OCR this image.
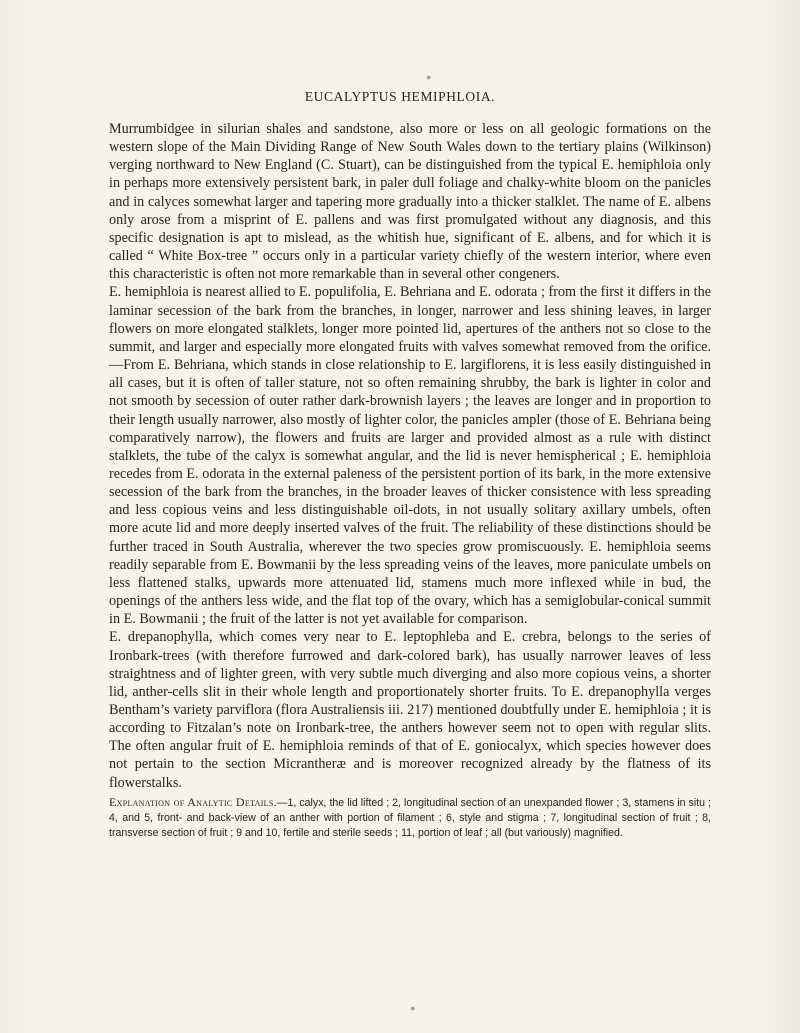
●
EUCALYPTUS HEMIPHLOIA.

Murrumbidgee in silurian shales and sandstone, also more or less on all geologic formations on the western slope of the Main Dividing Range of New South Wales down to the tertiary plains (Wilkinson) verging northward to New England (C. Stuart), can be distinguished from the typical E. hemiphloia only in perhaps more extensively persistent bark, in paler dull foliage and chalky-white bloom on the panicles and in calyces somewhat larger and tapering more gradually into a thicker stalklet. The name of E. albens only arose from a misprint of E. pallens and was first promulgated without any diagnosis, and this specific designation is apt to mislead, as the whitish hue, significant of E. albens, and for which it is called “ White Box-tree ” occurs only in a particular variety chiefly of the western interior, where even this characteristic is often not more remarkable than in several other congeners.

E. hemiphloia is nearest allied to E. populifolia, E. Behriana and E. odorata ; from the first it differs in the laminar secession of the bark from the branches, in longer, narrower and less shining leaves, in larger flowers on more elongated stalklets, longer more pointed lid, apertures of the anthers not so close to the summit, and larger and especially more elongated fruits with valves somewhat removed from the orifice.—From E. Behriana, which stands in close relationship to E. largiflorens, it is less easily distinguished in all cases, but it is often of taller stature, not so often remaining shrubby, the bark is lighter in color and not smooth by secession of outer rather dark-brownish layers ; the leaves are longer and in proportion to their length usually narrower, also mostly of lighter color, the panicles ampler (those of E. Behriana being comparatively narrow), the flowers and fruits are larger and provided almost as a rule with distinct stalklets, the tube of the calyx is somewhat angular, and the lid is never hemispherical ; E. hemiphloia recedes from E. odorata in the external paleness of the persistent portion of its bark, in the more extensive secession of the bark from the branches, in the broader leaves of thicker consistence with less spreading and less copious veins and less distinguishable oil-dots, in not usually solitary axillary umbels, often more acute lid and more deeply inserted valves of the fruit. The reliability of these distinctions should be further traced in South Australia, wherever the two species grow promiscuously. E. hemiphloia seems readily separable from E. Bowmanii by the less spreading veins of the leaves, more paniculate umbels on less flattened stalks, upwards more attenuated lid, stamens much more inflexed while in bud, the openings of the anthers less wide, and the flat top of the ovary, which has a semiglobular-conical summit in E. Bowmanii ; the fruit of the latter is not yet available for comparison.

E. drepanophylla, which comes very near to E. leptophleba and E. crebra, belongs to the series of Ironbark-trees (with therefore furrowed and dark-colored bark), has usually narrower leaves of less straightness and of lighter green, with very subtle much diverging and also more copious veins, a shorter lid, anther-cells slit in their whole length and proportionately shorter fruits. To E. drepanophylla verges Bentham’s variety parviflora (flora Australiensis iii. 217) mentioned doubtfully under E. hemiphloia ; it is according to Fitzalan’s note on Ironbark-tree, the anthers however seem not to open with regular slits. The often angular fruit of E. hemiphloia reminds of that of E. goniocalyx, which species however does not pertain to the section Micrantheræ and is moreover recognized already by the flatness of its flowerstalks.

Explanation of Analytic Details.—1, calyx, the lid lifted ; 2, longitudinal section of an unexpanded flower ; 3, stamens in situ ; 4, and 5, front- and back-view of an anther with portion of filament ; 6, style and stigma ; 7, longitudinal section of fruit ; 8, transverse section of fruit ; 9 and 10, fertile and sterile seeds ; 11, portion of leaf ; all (but variously) magnified.
●
